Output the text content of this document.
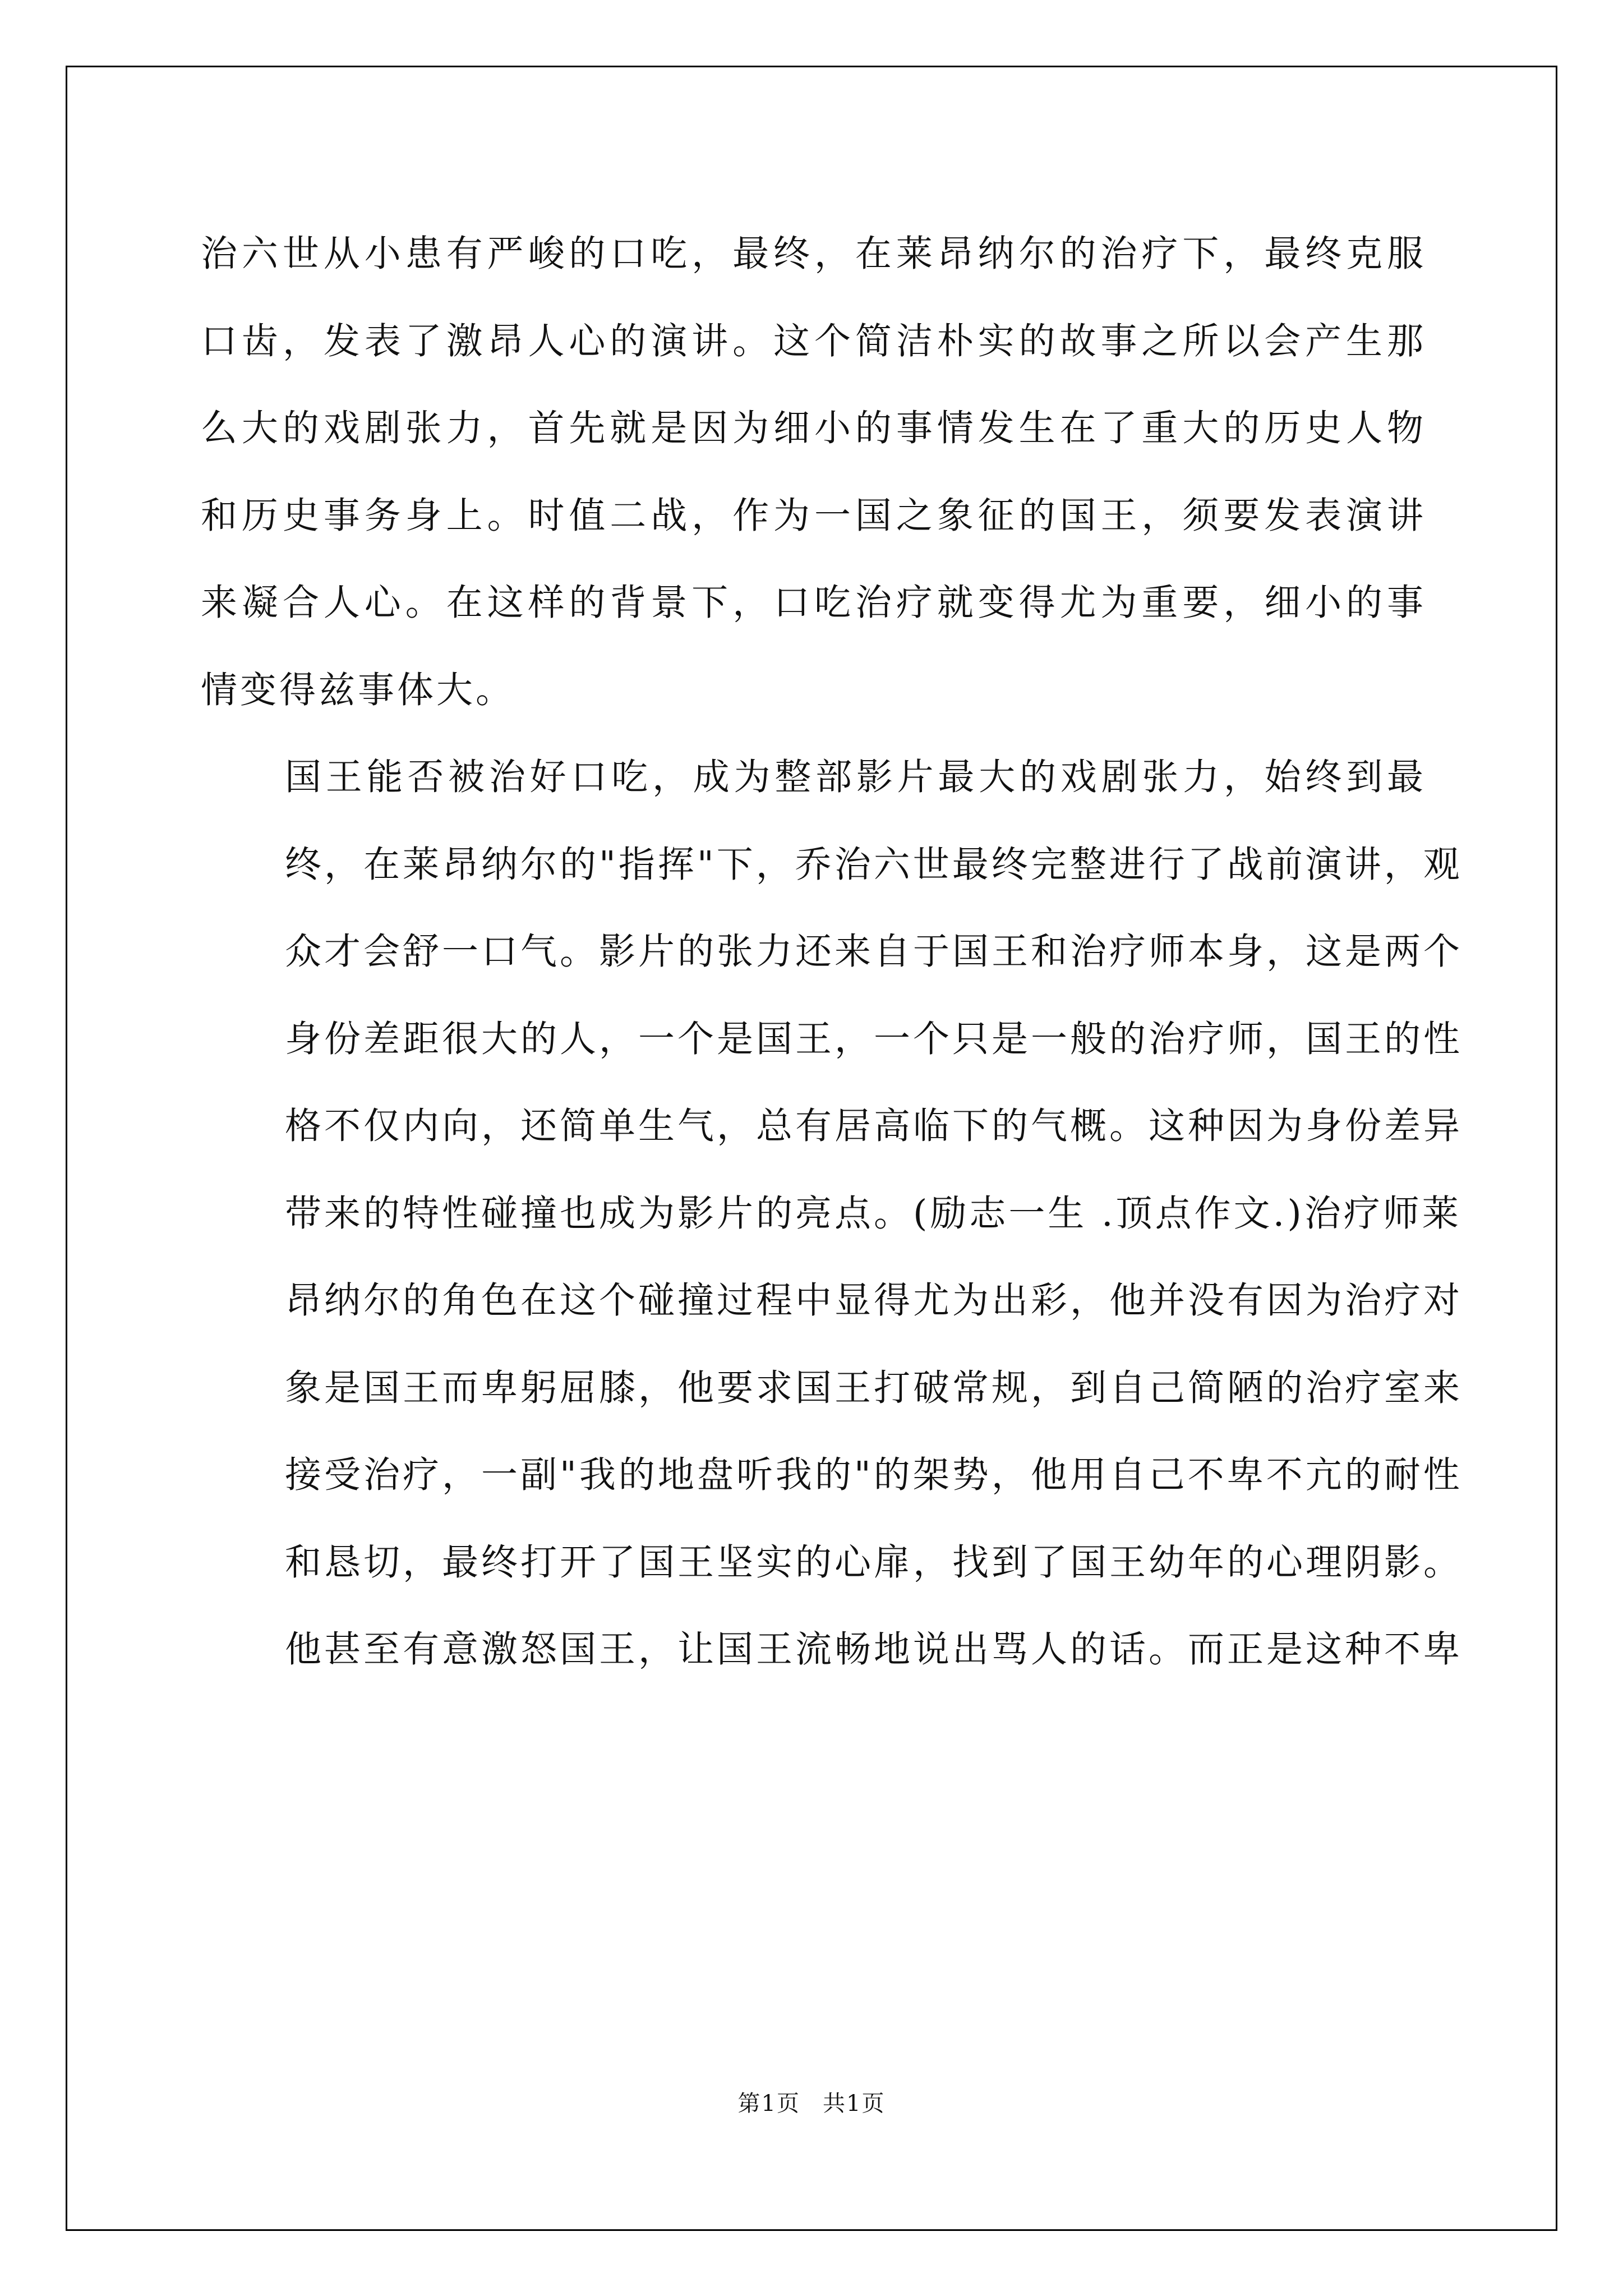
治六世从小患有严峻的口吃，最终，在莱昂纳尔的治疗下，最终克服
口齿，发表了激昂人心的演讲。这个简洁朴实的故事之所以会产生那
么大的戏剧张力，首先就是因为细小的事情发生在了重大的历史人物
和历史事务身上。时值二战，作为一国之象征的国王，须要发表演讲
来凝合人心。在这样的背景下，口吃治疗就变得尤为重要，细小的事
情变得兹事体大。

国王能否被治好口吃，成为整部影片最大的戏剧张力，始终到最
终，在莱昂纳尔的"指挥"下，乔治六世最终完整进行了战前演讲，观
众才会舒一口气。影片的张力还来自于国王和治疗师本身，这是两个
身份差距很大的人，一个是国王，一个只是一般的治疗师，国王的性
格不仅内向，还简单生气，总有居高临下的气概。这种因为身份差异
带来的特性碰撞也成为影片的亮点。(励志一生 .顶点作文.)治疗师莱
昂纳尔的角色在这个碰撞过程中显得尤为出彩，他并没有因为治疗对
象是国王而卑躬屈膝，他要求国王打破常规，到自己简陋的治疗室来
接受治疗，一副"我的地盘听我的"的架势，他用自己不卑不亢的耐性
和恳切，最终打开了国王坚实的心扉，找到了国王幼年的心理阴影。
他甚至有意激怒国王，让国王流畅地说出骂人的话。而正是这种不卑

第1页 共1页
